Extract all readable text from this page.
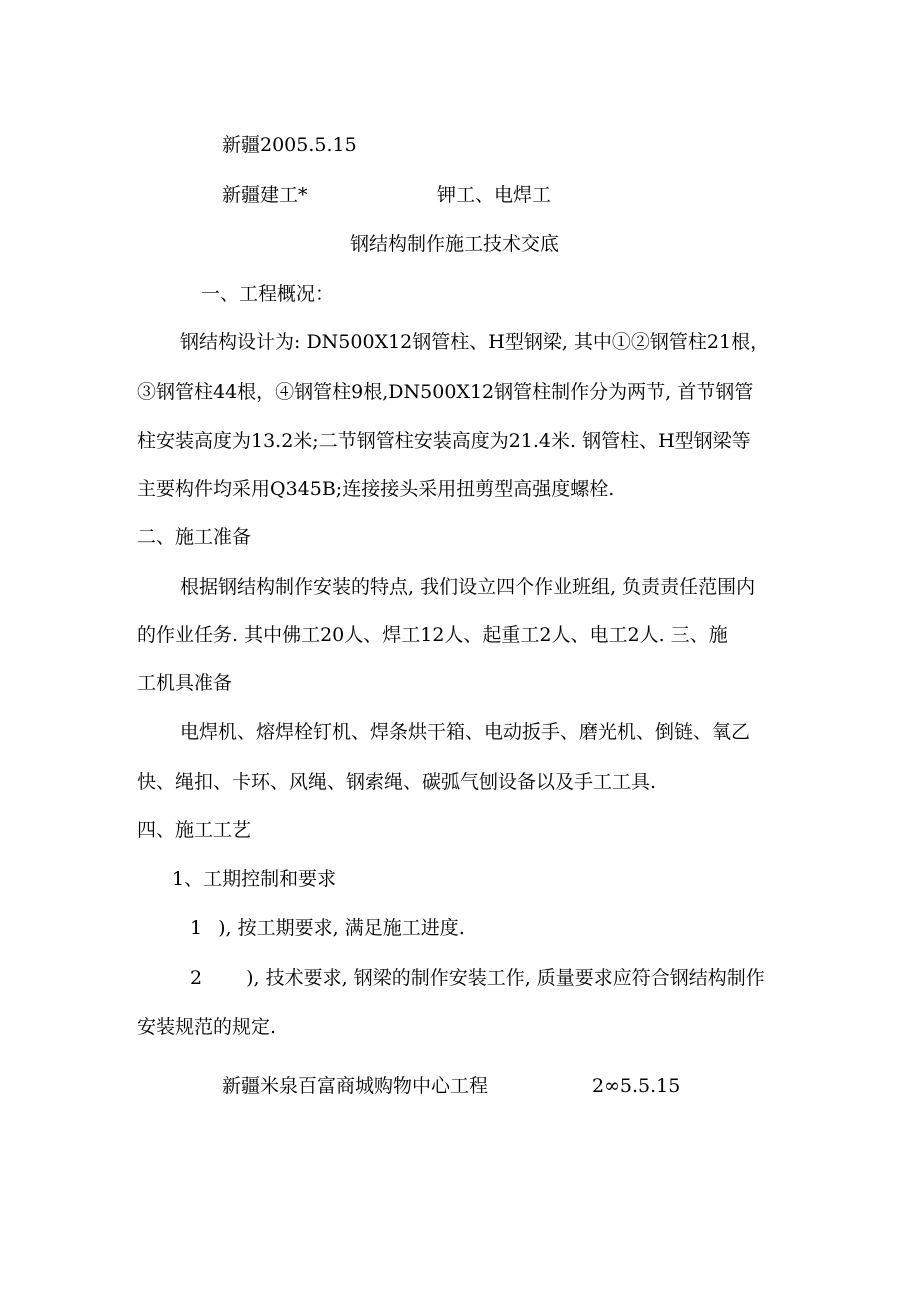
新疆2005.5.15
新疆建工*	钾工、电焊工
钢结构制作施工技术交底
一、工程概况：
钢结构设计为: DN500X12钢管柱、H型钢梁, 其中①②钢管柱21根，
③钢管柱44根，④钢管柱9根,DN500X12钢管柱制作分为两节, 首节钢管
柱安装高度为13.2米;二节钢管柱安装高度为21.4米. 钢管柱、H型钢梁等
主要构件均采用Q345B;连接接头采用扭剪型高强度螺栓.
二、施工准备
根据钢结构制作安装的特点, 我们设立四个作业班组, 负责责任范围内
的作业任务. 其中佛工20人、焊工12人、起重工2人、电工2人. 三、施
工机具准备
电焊机、熔焊栓钉机、焊条烘干箱、电动扳手、磨光机、倒链、氧乙
快、绳扣、卡环、风绳、钢索绳、碳弧气刨设备以及手工工具.
四、施工工艺
1、工期控制和要求
1 ), 按工期要求, 满足施工进度.
2 ), 技术要求, 钢梁的制作安装工作, 质量要求应符合钢结构制作
安装规范的规定.
新疆米泉百富商城购物中心工程	2∞5.5.15
